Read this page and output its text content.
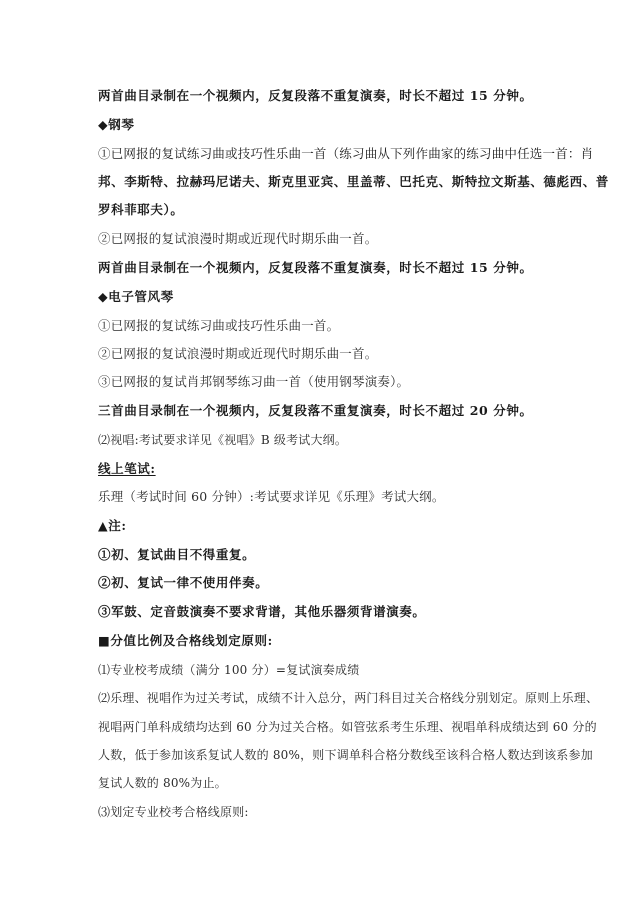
两首曲目录制在一个视频内，反复段落不重复演奏，时长不超过 15 分钟。
◆钢琴
①已网报的复试练习曲或技巧性乐曲一首（练习曲从下列作曲家的练习曲中任选一首：肖
邦、李斯特、拉赫玛尼诺夫、斯克里亚宾、里盖蒂、巴托克、斯特拉文斯基、德彪西、普
罗科菲耶夫）。
②已网报的复试浪漫时期或近现代时期乐曲一首。
两首曲目录制在一个视频内，反复段落不重复演奏，时长不超过 15 分钟。
◆电子管风琴
①已网报的复试练习曲或技巧性乐曲一首。
②已网报的复试浪漫时期或近现代时期乐曲一首。
③已网报的复试肖邦钢琴练习曲一首（使用钢琴演奏）。
三首曲目录制在一个视频内，反复段落不重复演奏，时长不超过 20 分钟。
⑵视唱:考试要求详见《视唱》B 级考试大纲。
线上笔试:
乐理（考试时间 60 分钟）:考试要求详见《乐理》考试大纲。
▲注:
①初、复试曲目不得重复。
②初、复试一律不使用伴奏。
③军鼓、定音鼓演奏不要求背谱，其他乐器须背谱演奏。
■分值比例及合格线划定原则:
⑴专业校考成绩（满分 100 分）=复试演奏成绩
⑵乐理、视唱作为过关考试，成绩不计入总分，两门科目过关合格线分别划定。原则上乐理、
视唱两门单科成绩均达到 60 分为过关合格。如管弦系考生乐理、视唱单科成绩达到 60 分的
人数，低于参加该系复试人数的 80%，则下调单科合格分数线至该科合格人数达到该系参加
复试人数的 80%为止。
⑶划定专业校考合格线原则:
